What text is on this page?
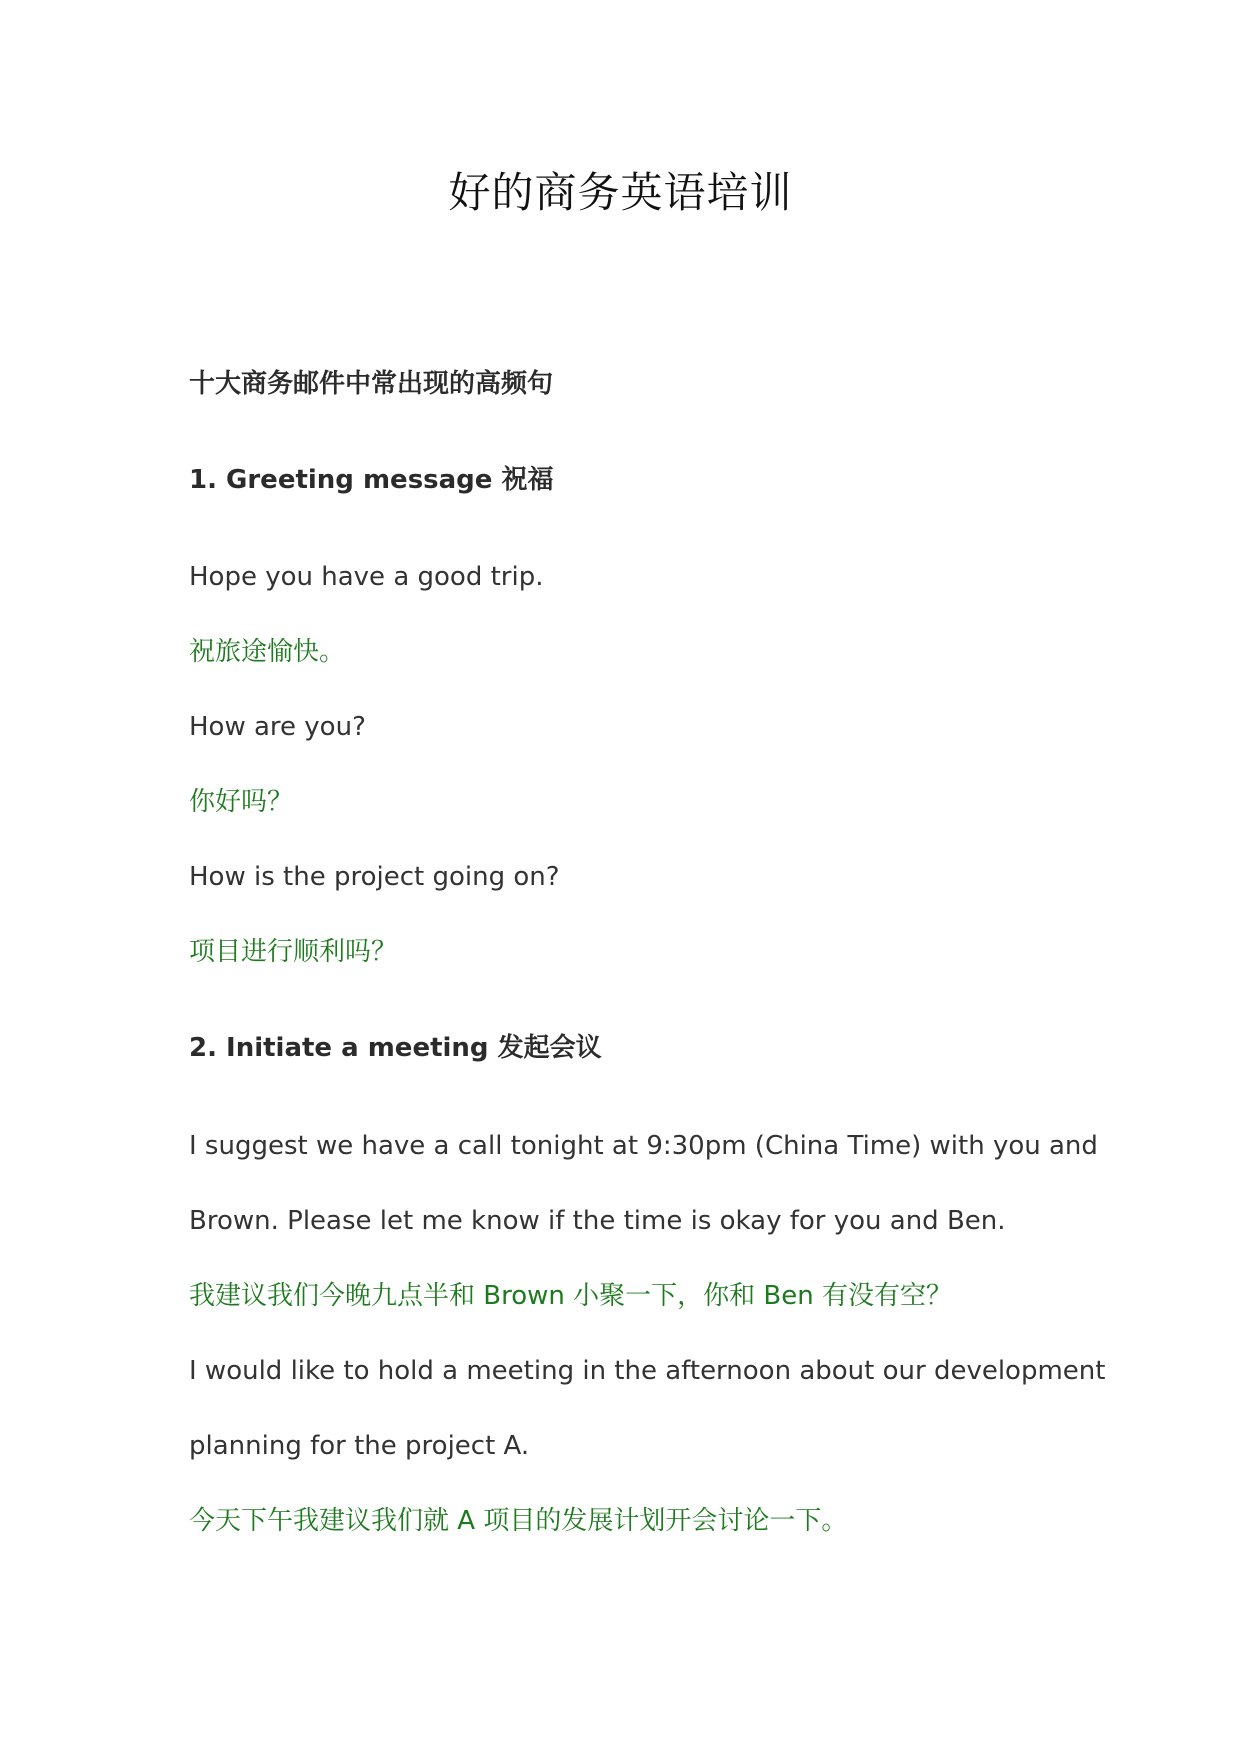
好的商务英语培训
十大商务邮件中常出现的高频句
1. Greeting message 祝福
Hope you have a good trip.
祝旅途愉快。
How are you?
你好吗？
How is the project going on?
项目进行顺利吗？
2. Initiate a meeting 发起会议
I suggest we have a call tonight at 9:30pm (China Time) with you and
Brown. Please let me know if the time is okay for you and Ben.
我建议我们今晚九点半和 Brown 小聚一下，你和 Ben 有没有空？
I would like to hold a meeting in the afternoon about our development
planning for the project A.
今天下午我建议我们就 A 项目的发展计划开会讨论一下。
